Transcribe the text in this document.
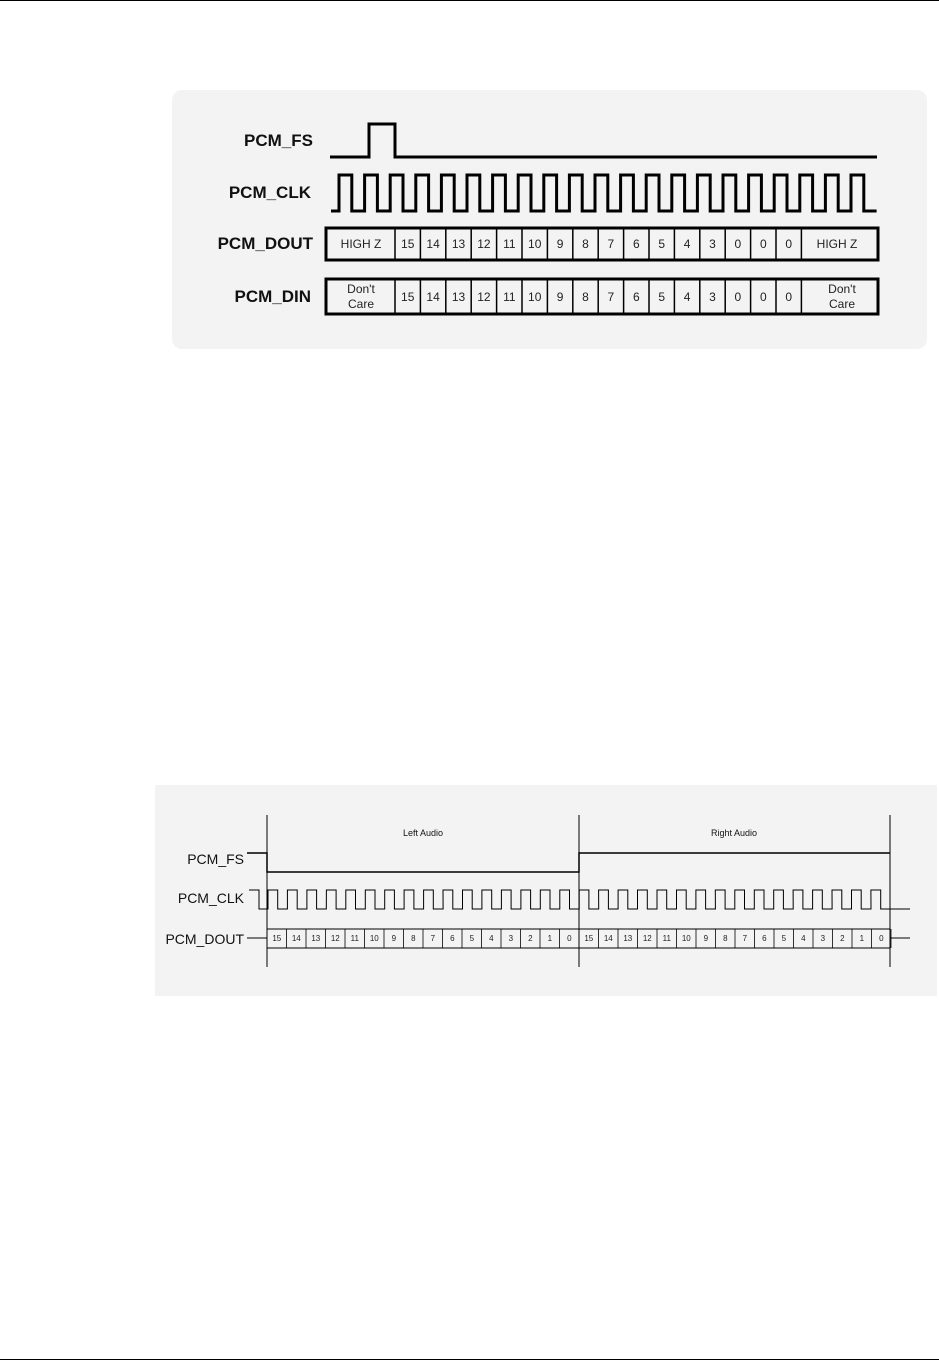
PCM_FS
PCM_CLK
PCM_DOUT
PCM_DIN
HIGH Z	HIGH Z
15 14 13 12 11 10 9 8 7 6 5 4 3 0 0 0
Don't
Care
Don't
Care
15 14 13 12 11 10 9 8 7 6 5 4 3 0 0 0
Left Audio	Right Audio
PCM_FS
PCM_CLK
PCM_DOUT	15 14 13 12 11 10 9 8 7 6 5 4 3 2 1 0 15 14 13 12 11 10 9 8 7 6 5 4 3 2 1 0
